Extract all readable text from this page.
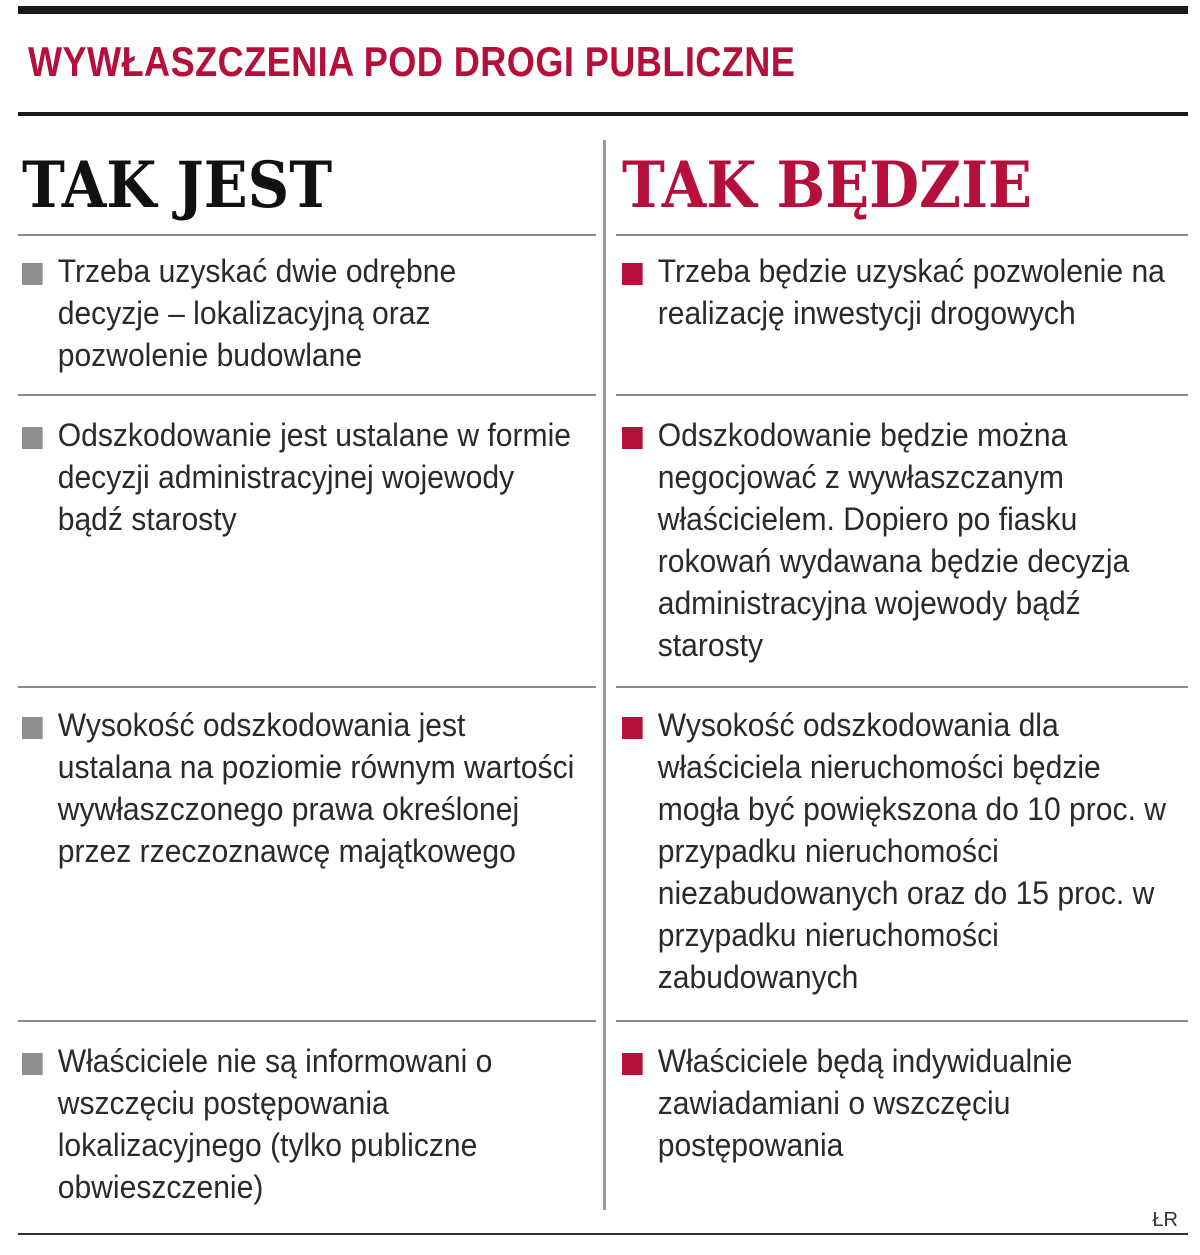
WYWŁASZCZENIA POD DROGI PUBLICZNE
TAK JEST	TAK BĘDZIE
Trzeba uzyskać dwie odrębne decyzje – lokalizacyjną oraz pozwolenie budowlane
Odszkodowanie jest ustalane w formie decyzji administracyjnej wojewody bądź starosty
Wysokość odszkodowania jest ustalana na poziomie równym wartości wywłaszczonego prawa określonej przez rzeczoznawcę majątkowego
Właściciele nie są informowani o wszczęciu postępowania lokalizacyjnego (tylko publiczne obwieszczenie)
Trzeba będzie uzyskać pozwolenie na realizację inwestycji drogowych
Odszkodowanie będzie można negocjować z wywłaszczanym właścicielem. Dopiero po fiasku rokowań wydawana będzie decyzja administracyjna wojewody bądź starosty
Wysokość odszkodowania dla właściciela nieruchomości będzie mogła być powiększona do 10 proc. w przypadku nieruchomości niezabudowanych oraz do 15 proc. w przypadku nieruchomości zabudowanych
Właściciele będą indywidualnie zawiadamiani o wszczęciu postępowania
ŁR
